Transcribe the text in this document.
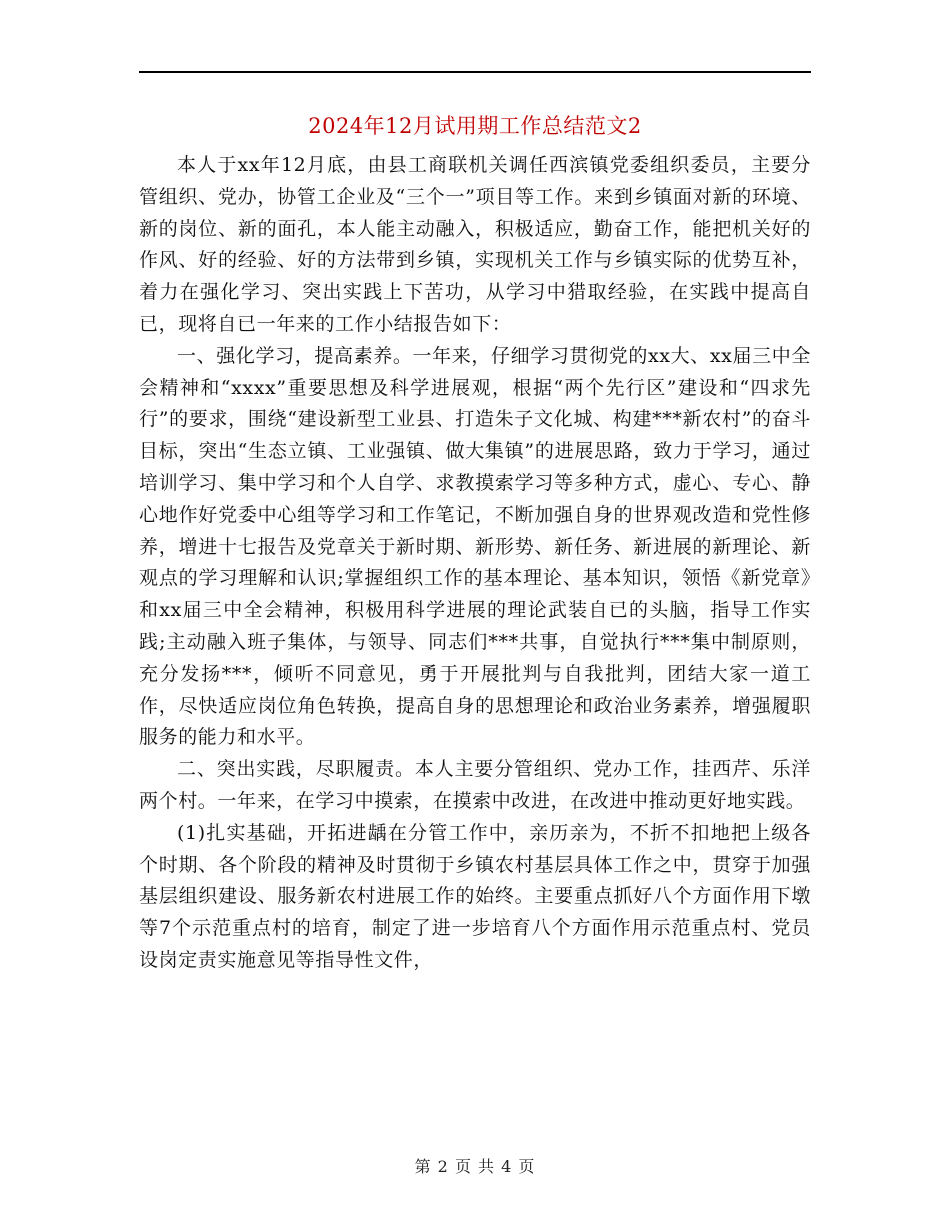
2024年12月试用期工作总结范文2

本人于xx年12月底，由县工商联机关调任西滨镇党委组织委员，主要分管组织、党办，协管工企业及“三个一”项目等工作。来到乡镇面对新的环境、新的岗位、新的面孔，本人能主动融入，积极适应，勤奋工作，能把机关好的作风、好的经验、好的方法带到乡镇，实现机关工作与乡镇实际的优势互补，着力在强化学习、突出实践上下苦功，从学习中猎取经验，在实践中提高自已，现将自已一年来的工作小结报告如下：

一、强化学习，提高素养。一年来，仔细学习贯彻党的xx大、xx届三中全会精神和“xxxx”重要思想及科学进展观，根据“两个先行区”建设和“四求先行”的要求，围绕“建设新型工业县、打造朱子文化城、构建***新农村”的奋斗目标，突出“生态立镇、工业强镇、做大集镇”的进展思路，致力于学习，通过培训学习、集中学习和个人自学、求教摸索学习等多种方式，虚心、专心、静心地作好党委中心组等学习和工作笔记，不断加强自身的世界观改造和党性修养，增进十七报告及党章关于新时期、新形势、新任务、新进展的新理论、新观点的学习理解和认识;掌握组织工作的基本理论、基本知识，领悟《新党章》和xx届三中全会精神，积极用科学进展的理论武装自已的头脑，指导工作实践;主动融入班子集体，与领导、同志们***共事，自觉执行***集中制原则，充分发扬***，倾听不同意见，勇于开展批判与自我批判，团结大家一道工作，尽快适应岗位角色转换，提高自身的思想理论和政治业务素养，增强履职服务的能力和水平。

二、突出实践，尽职履责。本人主要分管组织、党办工作，挂西芹、乐洋两个村。一年来，在学习中摸索，在摸索中改进，在改进中推动更好地实践。

(1)扎实基础，开拓进龋在分管工作中，亲历亲为，不折不扣地把上级各个时期、各个阶段的精神及时贯彻于乡镇农村基层具体工作之中，贯穿于加强基层组织建设、服务新农村进展工作的始终。主要重点抓好八个方面作用下墩等7个示范重点村的培育，制定了进一步培育八个方面作用示范重点村、党员设岗定责实施意见等指导性文件，

第 2 页 共 4 页
